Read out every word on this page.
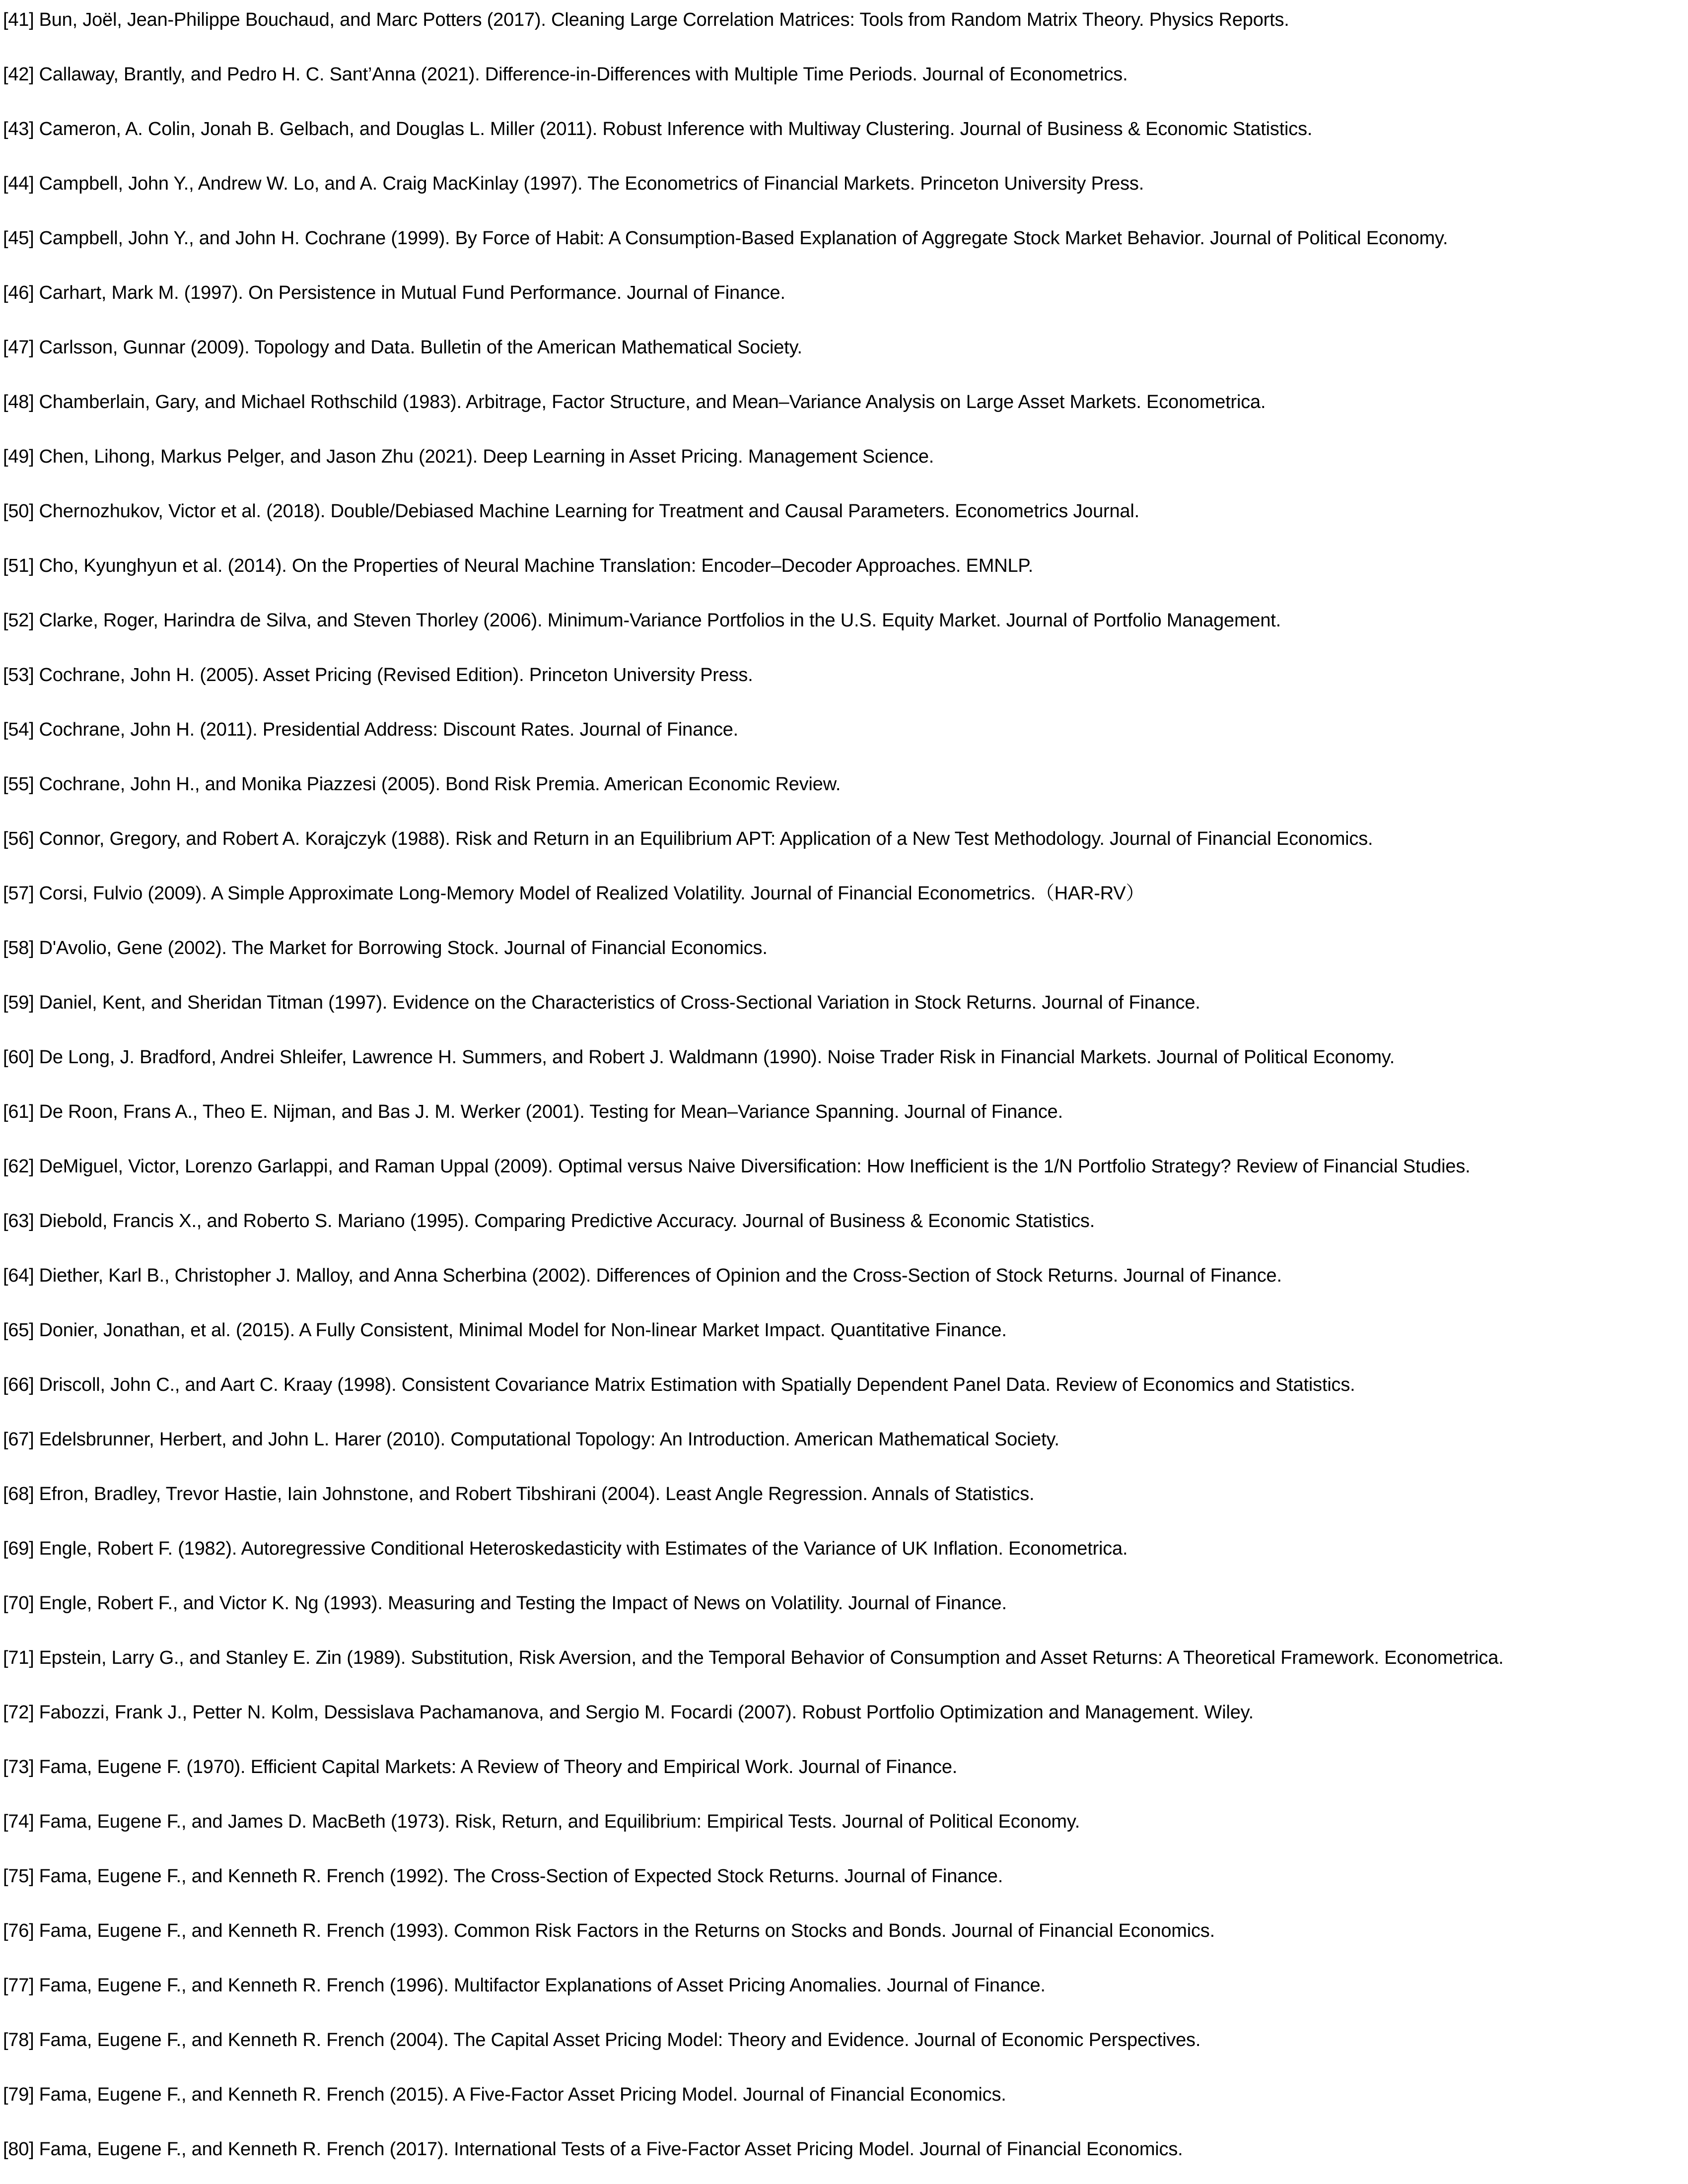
[41] Bun, Joël, Jean-Philippe Bouchaud, and Marc Potters (2017). Cleaning Large Correlation Matrices: Tools from Random Matrix Theory. Physics Reports.
[42] Callaway, Brantly, and Pedro H. C. Sant’Anna (2021). Difference-in-Differences with Multiple Time Periods. Journal of Econometrics.
[43] Cameron, A. Colin, Jonah B. Gelbach, and Douglas L. Miller (2011). Robust Inference with Multiway Clustering. Journal of Business & Economic Statistics.
[44] Campbell, John Y., Andrew W. Lo, and A. Craig MacKinlay (1997). The Econometrics of Financial Markets. Princeton University Press.
[45] Campbell, John Y., and John H. Cochrane (1999). By Force of Habit: A Consumption-Based Explanation of Aggregate Stock Market Behavior. Journal of Political Economy.
[46] Carhart, Mark M. (1997). On Persistence in Mutual Fund Performance. Journal of Finance.
[47] Carlsson, Gunnar (2009). Topology and Data. Bulletin of the American Mathematical Society.
[48] Chamberlain, Gary, and Michael Rothschild (1983). Arbitrage, Factor Structure, and Mean–Variance Analysis on Large Asset Markets. Econometrica.
[49] Chen, Lihong, Markus Pelger, and Jason Zhu (2021). Deep Learning in Asset Pricing. Management Science.
[50] Chernozhukov, Victor et al. (2018). Double/Debiased Machine Learning for Treatment and Causal Parameters. Econometrics Journal.
[51] Cho, Kyunghyun et al. (2014). On the Properties of Neural Machine Translation: Encoder–Decoder Approaches. EMNLP.
[52] Clarke, Roger, Harindra de Silva, and Steven Thorley (2006). Minimum-Variance Portfolios in the U.S. Equity Market. Journal of Portfolio Management.
[53] Cochrane, John H. (2005). Asset Pricing (Revised Edition). Princeton University Press.
[54] Cochrane, John H. (2011). Presidential Address: Discount Rates. Journal of Finance.
[55] Cochrane, John H., and Monika Piazzesi (2005). Bond Risk Premia. American Economic Review.
[56] Connor, Gregory, and Robert A. Korajczyk (1988). Risk and Return in an Equilibrium APT: Application of a New Test Methodology. Journal of Financial Economics.
[57] Corsi, Fulvio (2009). A Simple Approximate Long-Memory Model of Realized Volatility. Journal of Financial Econometrics.（HAR-RV）
[58] D'Avolio, Gene (2002). The Market for Borrowing Stock. Journal of Financial Economics.
[59] Daniel, Kent, and Sheridan Titman (1997). Evidence on the Characteristics of Cross-Sectional Variation in Stock Returns. Journal of Finance.
[60] De Long, J. Bradford, Andrei Shleifer, Lawrence H. Summers, and Robert J. Waldmann (1990). Noise Trader Risk in Financial Markets. Journal of Political Economy.
[61] De Roon, Frans A., Theo E. Nijman, and Bas J. M. Werker (2001). Testing for Mean–Variance Spanning. Journal of Finance.
[62] DeMiguel, Victor, Lorenzo Garlappi, and Raman Uppal (2009). Optimal versus Naive Diversification: How Inefficient is the 1/N Portfolio Strategy? Review of Financial Studies.
[63] Diebold, Francis X., and Roberto S. Mariano (1995). Comparing Predictive Accuracy. Journal of Business & Economic Statistics.
[64] Diether, Karl B., Christopher J. Malloy, and Anna Scherbina (2002). Differences of Opinion and the Cross-Section of Stock Returns. Journal of Finance.
[65] Donier, Jonathan, et al. (2015). A Fully Consistent, Minimal Model for Non-linear Market Impact. Quantitative Finance.
[66] Driscoll, John C., and Aart C. Kraay (1998). Consistent Covariance Matrix Estimation with Spatially Dependent Panel Data. Review of Economics and Statistics.
[67] Edelsbrunner, Herbert, and John L. Harer (2010). Computational Topology: An Introduction. American Mathematical Society.
[68] Efron, Bradley, Trevor Hastie, Iain Johnstone, and Robert Tibshirani (2004). Least Angle Regression. Annals of Statistics.
[69] Engle, Robert F. (1982). Autoregressive Conditional Heteroskedasticity with Estimates of the Variance of UK Inflation. Econometrica.
[70] Engle, Robert F., and Victor K. Ng (1993). Measuring and Testing the Impact of News on Volatility. Journal of Finance.
[71] Epstein, Larry G., and Stanley E. Zin (1989). Substitution, Risk Aversion, and the Temporal Behavior of Consumption and Asset Returns: A Theoretical Framework. Econometrica.
[72] Fabozzi, Frank J., Petter N. Kolm, Dessislava Pachamanova, and Sergio M. Focardi (2007). Robust Portfolio Optimization and Management. Wiley.
[73] Fama, Eugene F. (1970). Efficient Capital Markets: A Review of Theory and Empirical Work. Journal of Finance.
[74] Fama, Eugene F., and James D. MacBeth (1973). Risk, Return, and Equilibrium: Empirical Tests. Journal of Political Economy.
[75] Fama, Eugene F., and Kenneth R. French (1992). The Cross-Section of Expected Stock Returns. Journal of Finance.
[76] Fama, Eugene F., and Kenneth R. French (1993). Common Risk Factors in the Returns on Stocks and Bonds. Journal of Financial Economics.
[77] Fama, Eugene F., and Kenneth R. French (1996). Multifactor Explanations of Asset Pricing Anomalies. Journal of Finance.
[78] Fama, Eugene F., and Kenneth R. French (2004). The Capital Asset Pricing Model: Theory and Evidence. Journal of Economic Perspectives.
[79] Fama, Eugene F., and Kenneth R. French (2015). A Five-Factor Asset Pricing Model. Journal of Financial Economics.
[80] Fama, Eugene F., and Kenneth R. French (2017). International Tests of a Five-Factor Asset Pricing Model. Journal of Financial Economics.
